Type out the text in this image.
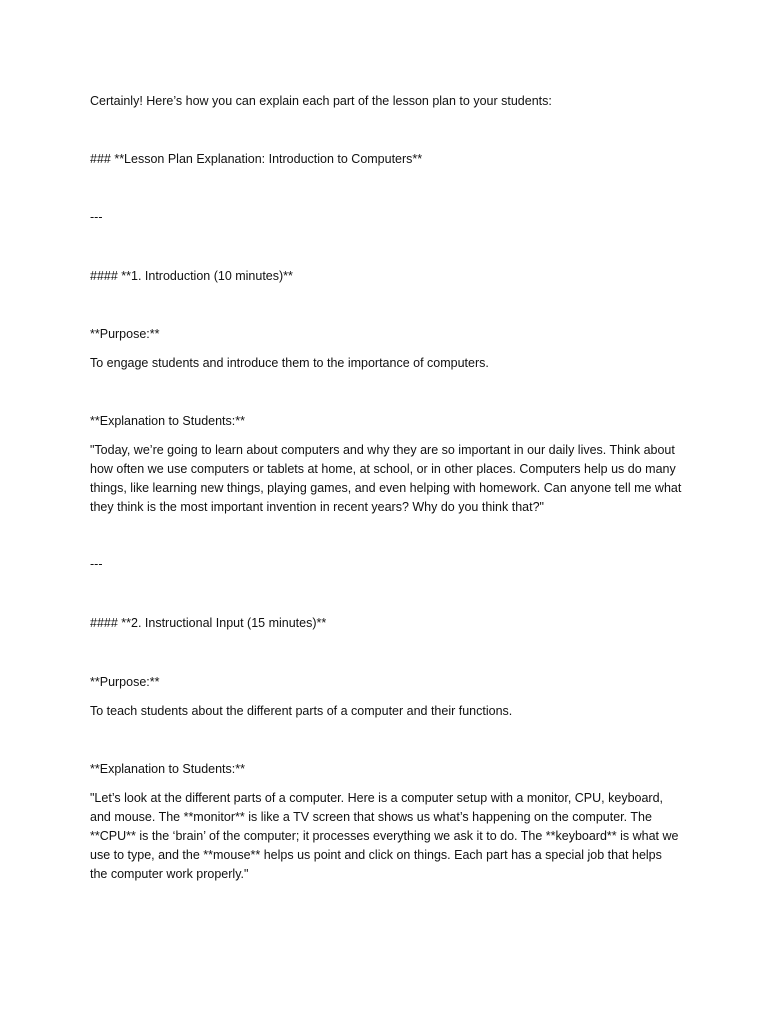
Certainly! Here’s how you can explain each part of the lesson plan to your students:

### **Lesson Plan Explanation: Introduction to Computers**

---

#### **1. Introduction (10 minutes)**

**Purpose:**

To engage students and introduce them to the importance of computers.

**Explanation to Students:**

"Today, we’re going to learn about computers and why they are so important in our daily lives. Think about how often we use computers or tablets at home, at school, or in other places. Computers help us do many things, like learning new things, playing games, and even helping with homework. Can anyone tell me what they think is the most important invention in recent years? Why do you think that?"

---

#### **2. Instructional Input (15 minutes)**

**Purpose:**

To teach students about the different parts of a computer and their functions.

**Explanation to Students:**

"Let’s look at the different parts of a computer. Here is a computer setup with a monitor, CPU, keyboard, and mouse. The **monitor** is like a TV screen that shows us what’s happening on the computer. The **CPU** is the ‘brain’ of the computer; it processes everything we ask it to do. The **keyboard** is what we use to type, and the **mouse** helps us point and click on things. Each part has a special job that helps the computer work properly."
